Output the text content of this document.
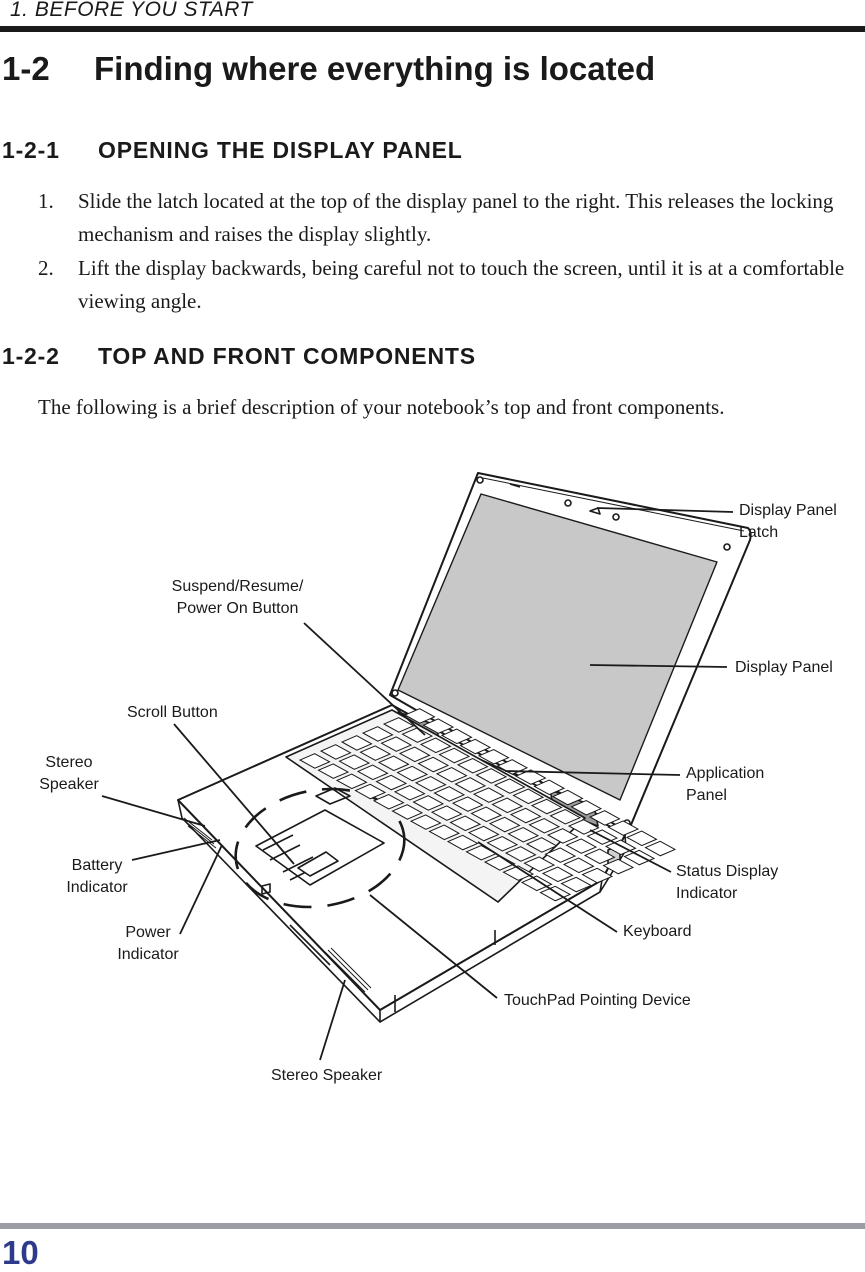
1. BEFORE YOU START
1-2 Finding where everything is located
1-2-1 OPENING THE DISPLAY PANEL
1. Slide the latch located at the top of the display panel to the right. This releases the locking mechanism and raises the display slightly.
2. Lift the display backwards, being careful not to touch the screen, until it is at a comfortable viewing angle.
1-2-2 TOP AND FRONT COMPONENTS

The following is a brief description of your notebook’s top and front components.

Display Panel
Latch
Suspend/Resume/
Power On Button
Display Panel
Scroll Button
Stereo
Speaker
Application
Panel
Battery
Indicator
Status Display
Indicator
Power
Indicator
Keyboard
TouchPad Pointing Device
Stereo Speaker
10
